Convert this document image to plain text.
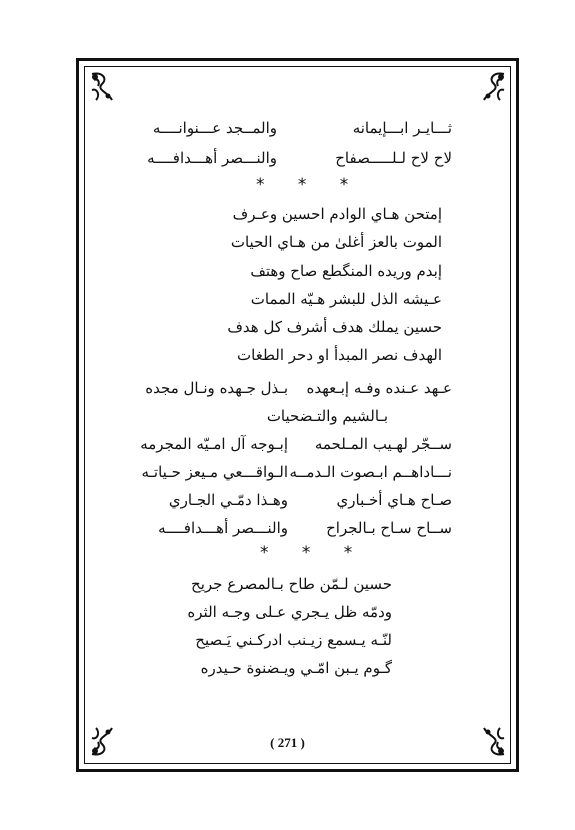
ثـــايـر ابـــإيمانه
والمــجد عـــنوانــــه
لاح لاح لـلـــــصفاح
والنـــصر أهـــدافــــه
* * *
إمتحن هـاي الوادم احسين وعـرف
الموت بالعز أغلىٰ من هـاي الحيات
إبدم وريده المنگطع صاح وهتف
عـيشه الذل للبشر هـيّه الممات
حسين يملك هدف أشرف كل هدف
الهدف نصر المبدأ او دحر الطغات
عـهد عـنده وفـه إبـعهده
بـذل جـهده ونـال مجده
بـالشيم والتـضحيات
ســجّر لهـيب المـلحمه
إبـوجه آل امـيّه المجرمه
نـــاداهــم ابـصوت الـدمــه
الـواقـــعي مـيعز حـياتـه
صـاح هـاي أخـباري
وهـذا دمّـي الجـاري
ســاح سـاح بـالجراح
والنـــصر أهـــدافــــه
* * *
حسين لـمّن طاح بـالمصرع جريح
ودمّه ظل يـجري عـلى وجـه الثره
لنّـه يـسمع زيـنب ادركـني يَـصيح
گـوم يـبن امّـي ويـضنوة حـيدره
( 271 )
